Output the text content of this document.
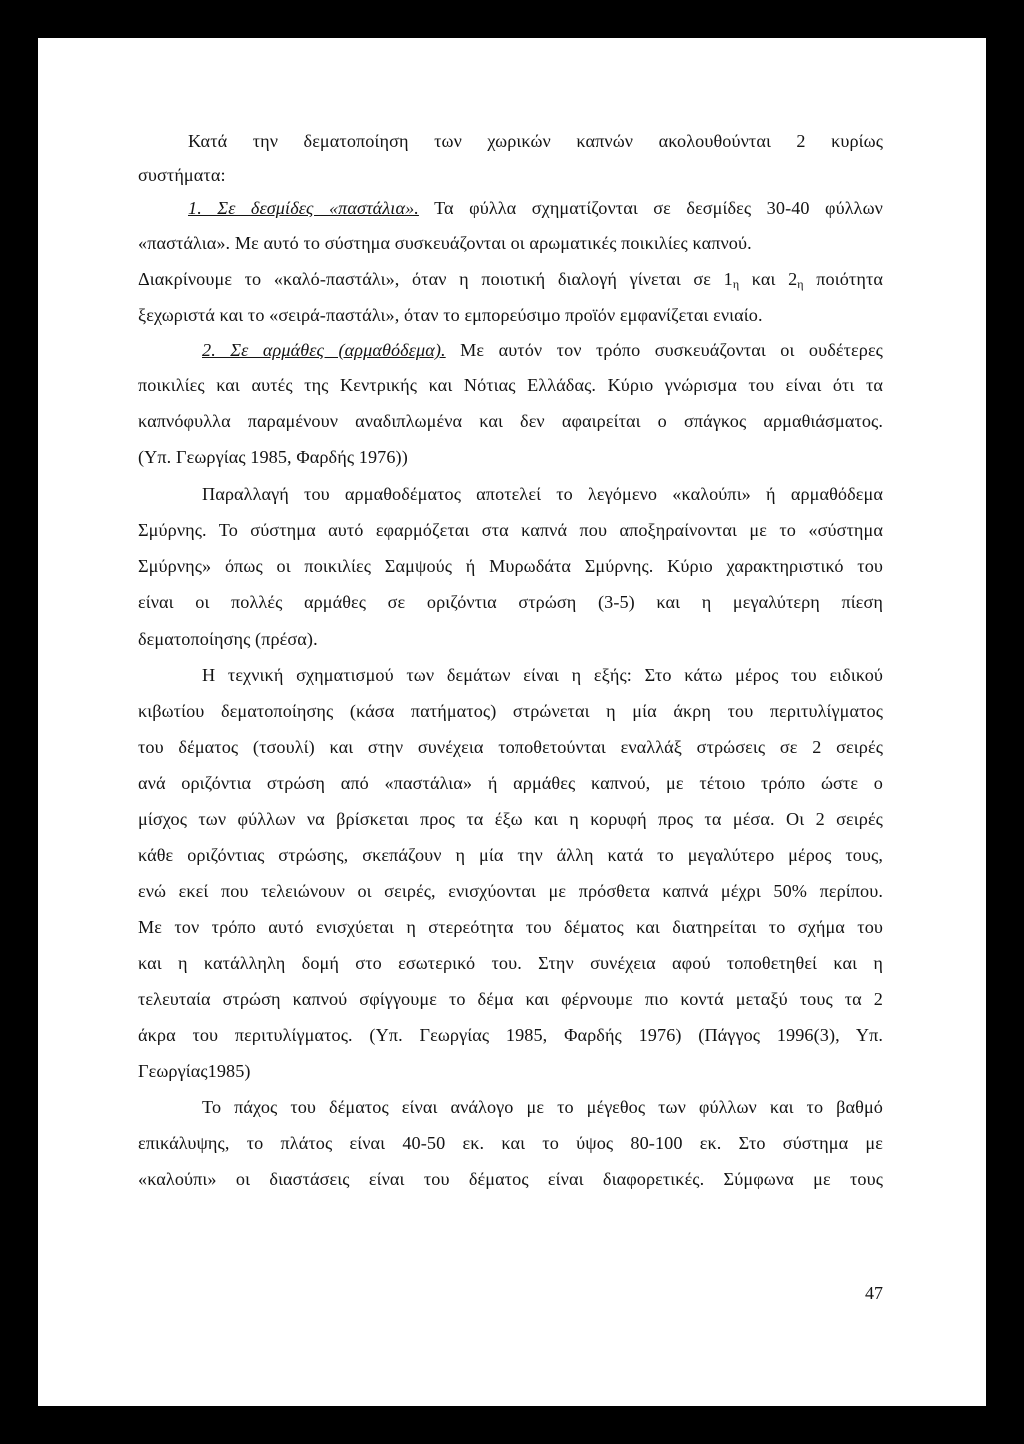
Κατά την δεματοποίηση των χωρικών καπνών ακολουθούνται 2 κυρίως
συστήματα:
1. Σε δεσμίδες «παστάλια». Τα φύλλα σχηματίζονται σε δεσμίδες 30-40 φύλλων
«παστάλια». Με αυτό το σύστημα συσκευάζονται οι αρωματικές ποικιλίες καπνού.
Διακρίνουμε το «καλό-παστάλι», όταν η ποιοτική διαλογή γίνεται σε $1_\eta$ και $2_\eta$ ποιότητα
ξεχωριστά και το «σειρά-παστάλι», όταν το εμπορεύσιμο προϊόν εμφανίζεται ενιαίο.
2. Σε αρμάθες (αρμαθόδεμα). Με αυτόν τον τρόπο συσκευάζονται οι ουδέτερες
ποικιλίες και αυτές της Κεντρικής και Νότιας Ελλάδας. Κύριο γνώρισμα του είναι ότι τα
καπνόφυλλα παραμένουν αναδιπλωμένα και δεν αφαιρείται ο σπάγκος αρμαθιάσματος.
(Υπ. Γεωργίας 1985, Φαρδής 1976))
Παραλλαγή του αρμαθοδέματος αποτελεί το λεγόμενο «καλούπι» ή αρμαθόδεμα
Σμύρνης. Το σύστημα αυτό εφαρμόζεται στα καπνά που αποξηραίνονται με το «σύστημα
Σμύρνης» όπως οι ποικιλίες Σαμψούς ή Μυρωδάτα Σμύρνης. Κύριο χαρακτηριστικό του
είναι οι πολλές αρμάθες σε οριζόντια στρώση (3-5) και η μεγαλύτερη πίεση
δεματοποίησης (πρέσα).
Η τεχνική σχηματισμού των δεμάτων είναι η εξής: Στο κάτω μέρος του ειδικού
κιβωτίου δεματοποίησης (κάσα πατήματος) στρώνεται η μία άκρη του περιτυλίγματος
του δέματος (τσουλί) και στην συνέχεια τοποθετούνται εναλλάξ στρώσεις σε 2 σειρές
ανά οριζόντια στρώση από «παστάλια» ή αρμάθες καπνού, με τέτοιο τρόπο ώστε ο
μίσχος των φύλλων να βρίσκεται προς τα έξω και η κορυφή προς τα μέσα. Οι 2 σειρές
κάθε οριζόντιας στρώσης, σκεπάζουν η μία την άλλη κατά το μεγαλύτερο μέρος τους,
ενώ εκεί που τελειώνουν οι σειρές, ενισχύονται με πρόσθετα καπνά μέχρι 50% περίπου.
Με τον τρόπο αυτό ενισχύεται η στερεότητα του δέματος και διατηρείται το σχήμα του
και η κατάλληλη δομή στο εσωτερικό του. Στην συνέχεια αφού τοποθετηθεί και η
τελευταία στρώση καπνού σφίγγουμε το δέμα και φέρνουμε πιο κοντά μεταξύ τους τα 2
άκρα του περιτυλίγματος. (Υπ. Γεωργίας 1985, Φαρδής 1976) (Πάγγος 1996(3), Υπ.
Γεωργίας1985)
Το πάχος του δέματος είναι ανάλογο με το μέγεθος των φύλλων και το βαθμό
επικάλυψης, το πλάτος είναι 40-50 εκ. και το ύψος 80-100 εκ. Στο σύστημα με
«καλούπι» οι διαστάσεις είναι του δέματος είναι διαφορετικές. Σύμφωνα με τους
47
